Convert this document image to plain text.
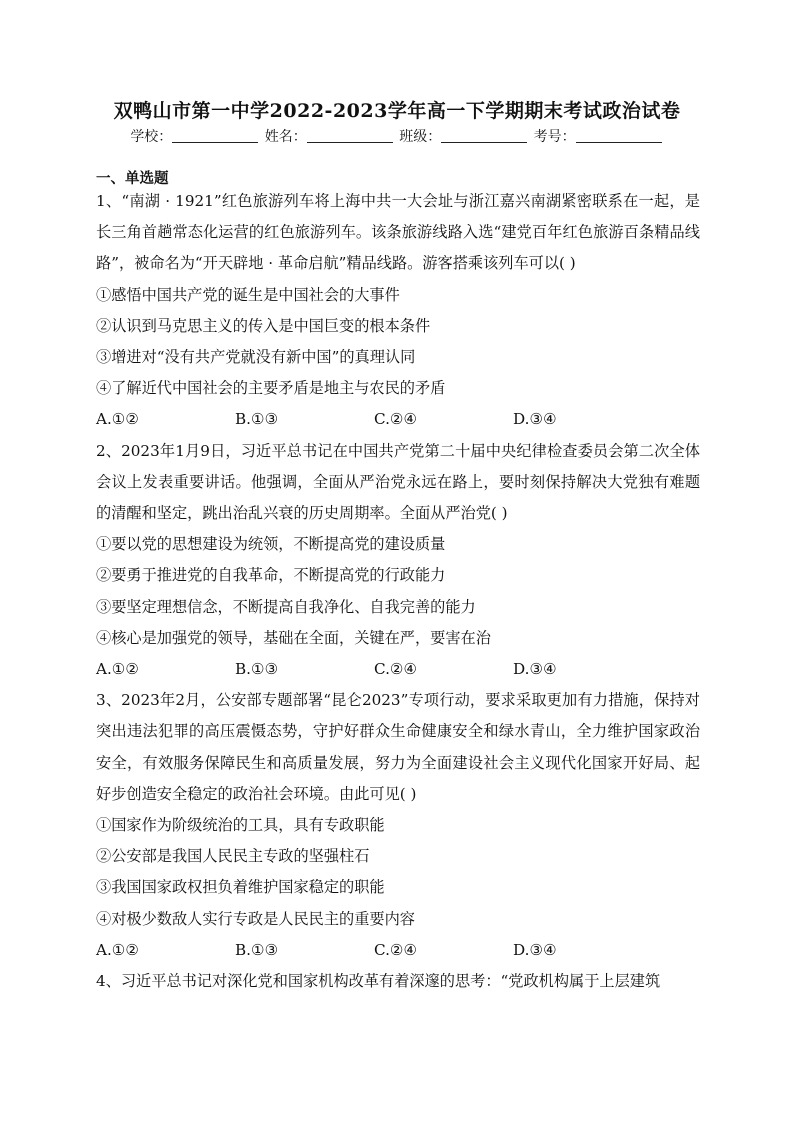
双鸭山市第一中学2022-2023学年高一下学期期末考试政治试卷
学校：	姓名：	班级：	考号：
一、单选题

1、“南湖 · 1921”红色旅游列车将上海中共一大会址与浙江嘉兴南湖紧密联系在一起，是长三角首趟常态化运营的红色旅游列车。该条旅游线路入选“建党百年红色旅游百条精品线路”，被命名为“开天辟地 · 革命启航”精品线路。游客搭乘该列车可以( )

①感悟中国共产党的诞生是中国社会的大事件

②认识到马克思主义的传入是中国巨变的根本条件

③增进对“没有共产党就没有新中国”的真理认同

④了解近代中国社会的主要矛盾是地主与农民的矛盾

A.①②	B.①③	C.②④	D.③④

2、2023年1月9日，习近平总书记在中国共产党第二十届中央纪律检查委员会第二次全体会议上发表重要讲话。他强调，全面从严治党永远在路上，要时刻保持解决大党独有难题的清醒和坚定，跳出治乱兴衰的历史周期率。全面从严治党( )

①要以党的思想建设为统领，不断提高党的建设质量

②要勇于推进党的自我革命，不断提高党的行政能力

③要坚定理想信念，不断提高自我净化、自我完善的能力

④核心是加强党的领导，基础在全面，关键在严，要害在治

A.①②	B.①③	C.②④	D.③④

3、2023年2月，公安部专题部署“昆仑2023”专项行动，要求采取更加有力措施，保持对突出违法犯罪的高压震慑态势，守护好群众生命健康安全和绿水青山，全力维护国家政治安全，有效服务保障民生和高质量发展，努力为全面建设社会主义现代化国家开好局、起好步创造安全稳定的政治社会环境。由此可见( )

①国家作为阶级统治的工具，具有专政职能

②公安部是我国人民民主专政的坚强柱石

③我国国家政权担负着维护国家稳定的职能

④对极少数敌人实行专政是人民民主的重要内容

A.①②	B.①③	C.②④	D.③④

4、习近平总书记对深化党和国家机构改革有着深邃的思考：“党政机构属于上层建筑
